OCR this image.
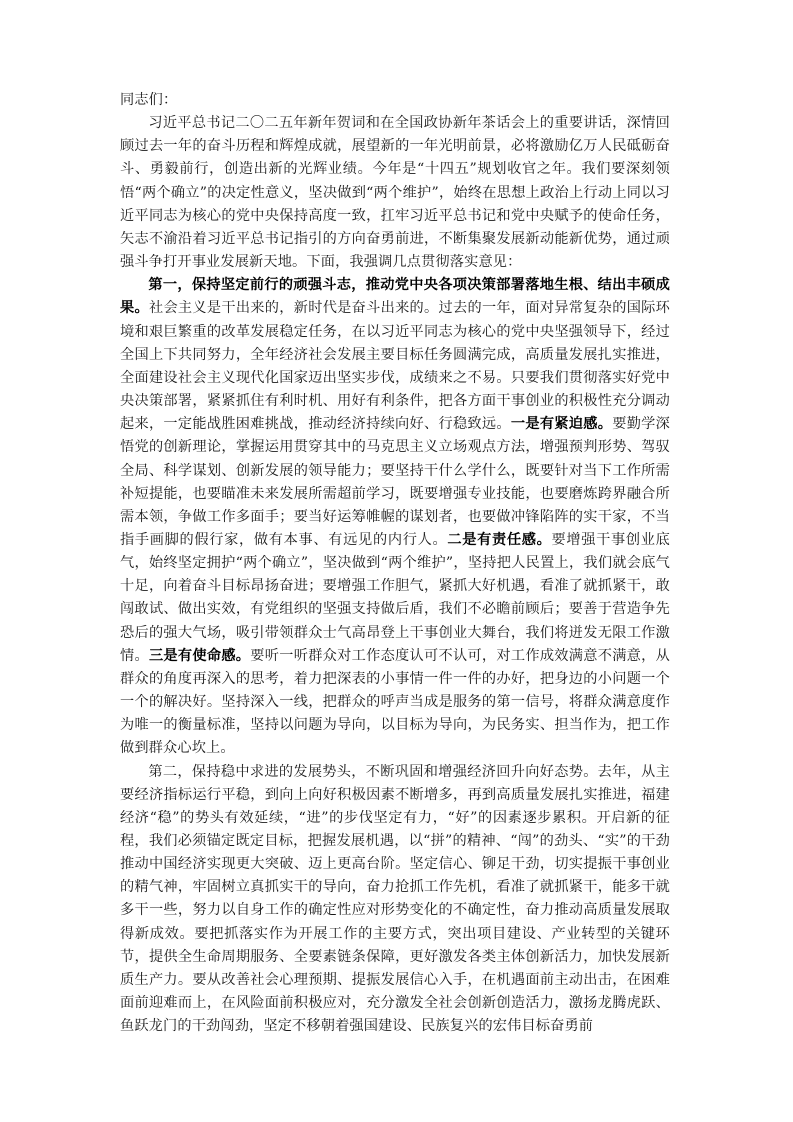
同志们：

习近平总书记二〇二五年新年贺词和在全国政协新年茶话会上的重要讲话，深情回顾过去一年的奋斗历程和辉煌成就，展望新的一年光明前景，必将激励亿万人民砥砺奋斗、勇毅前行，创造出新的光辉业绩。今年是“十四五”规划收官之年。我们要深刻领悟“两个确立”的决定性意义，坚决做到“两个维护”，始终在思想上政治上行动上同以习近平同志为核心的党中央保持高度一致，扛牢习近平总书记和党中央赋予的使命任务，矢志不渝沿着习近平总书记指引的方向奋勇前进，不断集聚发展新动能新优势，通过顽强斗争打开事业发展新天地。下面，我强调几点贯彻落实意见：

第一，保持坚定前行的顽强斗志，推动党中央各项决策部署落地生根、结出丰硕成果。社会主义是干出来的，新时代是奋斗出来的。过去的一年，面对异常复杂的国际环境和艰巨繁重的改革发展稳定任务，在以习近平同志为核心的党中央坚强领导下，经过全国上下共同努力，全年经济社会发展主要目标任务圆满完成，高质量发展扎实推进，全面建设社会主义现代化国家迈出坚实步伐，成绩来之不易。只要我们贯彻落实好党中央决策部署，紧紧抓住有利时机、用好有利条件，把各方面干事创业的积极性充分调动起来，一定能战胜困难挑战，推动经济持续向好、行稳致远。一是有紧迫感。要勤学深悟党的创新理论，掌握运用贯穿其中的马克思主义立场观点方法，增强预判形势、驾驭全局、科学谋划、创新发展的领导能力；要坚持干什么学什么，既要针对当下工作所需补短提能，也要瞄准未来发展所需超前学习，既要增强专业技能，也要磨炼跨界融合所需本领，争做工作多面手；要当好运筹帷幄的谋划者，也要做冲锋陷阵的实干家，不当指手画脚的假行家，做有本事、有远见的内行人。二是有责任感。要增强干事创业底气，始终坚定拥护“两个确立”，坚决做到“两个维护”，坚持把人民置上，我们就会底气十足，向着奋斗目标昂扬奋进；要增强工作胆气，紧抓大好机遇，看准了就抓紧干，敢闯敢试、做出实效，有党组织的坚强支持做后盾，我们不必瞻前顾后；要善于营造争先恐后的强大气场，吸引带领群众士气高昂登上干事创业大舞台，我们将迸发无限工作激情。三是有使命感。要听一听群众对工作态度认可不认可，对工作成效满意不满意，从群众的角度再深入的思考，着力把深表的小事情一件一件的办好，把身边的小问题一个一个的解决好。坚持深入一线，把群众的呼声当成是服务的第一信号，将群众满意度作为唯一的衡量标准，坚持以问题为导向，以目标为导向，为民务实、担当作为，把工作做到群众心坎上。

第二，保持稳中求进的发展势头，不断巩固和增强经济回升向好态势。去年，从主要经济指标运行平稳，到向上向好积极因素不断增多，再到高质量发展扎实推进，福建经济“稳”的势头有效延续，“进”的步伐坚定有力，“好”的因素逐步累积。开启新的征程，我们必须锚定既定目标，把握发展机遇，以“拼”的精神、“闯”的劲头、“实”的干劲推动中国经济实现更大突破、迈上更高台阶。坚定信心、铆足干劲，切实提振干事创业的精气神，牢固树立真抓实干的导向，奋力抢抓工作先机，看准了就抓紧干，能多干就多干一些，努力以自身工作的确定性应对形势变化的不确定性，奋力推动高质量发展取得新成效。要把抓落实作为开展工作的主要方式，突出项目建设、产业转型的关键环节，提供全生命周期服务、全要素链条保障，更好激发各类主体创新活力，加快发展新质生产力。要从改善社会心理预期、提振发展信心入手，在机遇面前主动出击，在困难面前迎难而上，在风险面前积极应对，充分激发全社会创新创造活力，激扬龙腾虎跃、鱼跃龙门的干劲闯劲，坚定不移朝着强国建设、民族复兴的宏伟目标奋勇前
